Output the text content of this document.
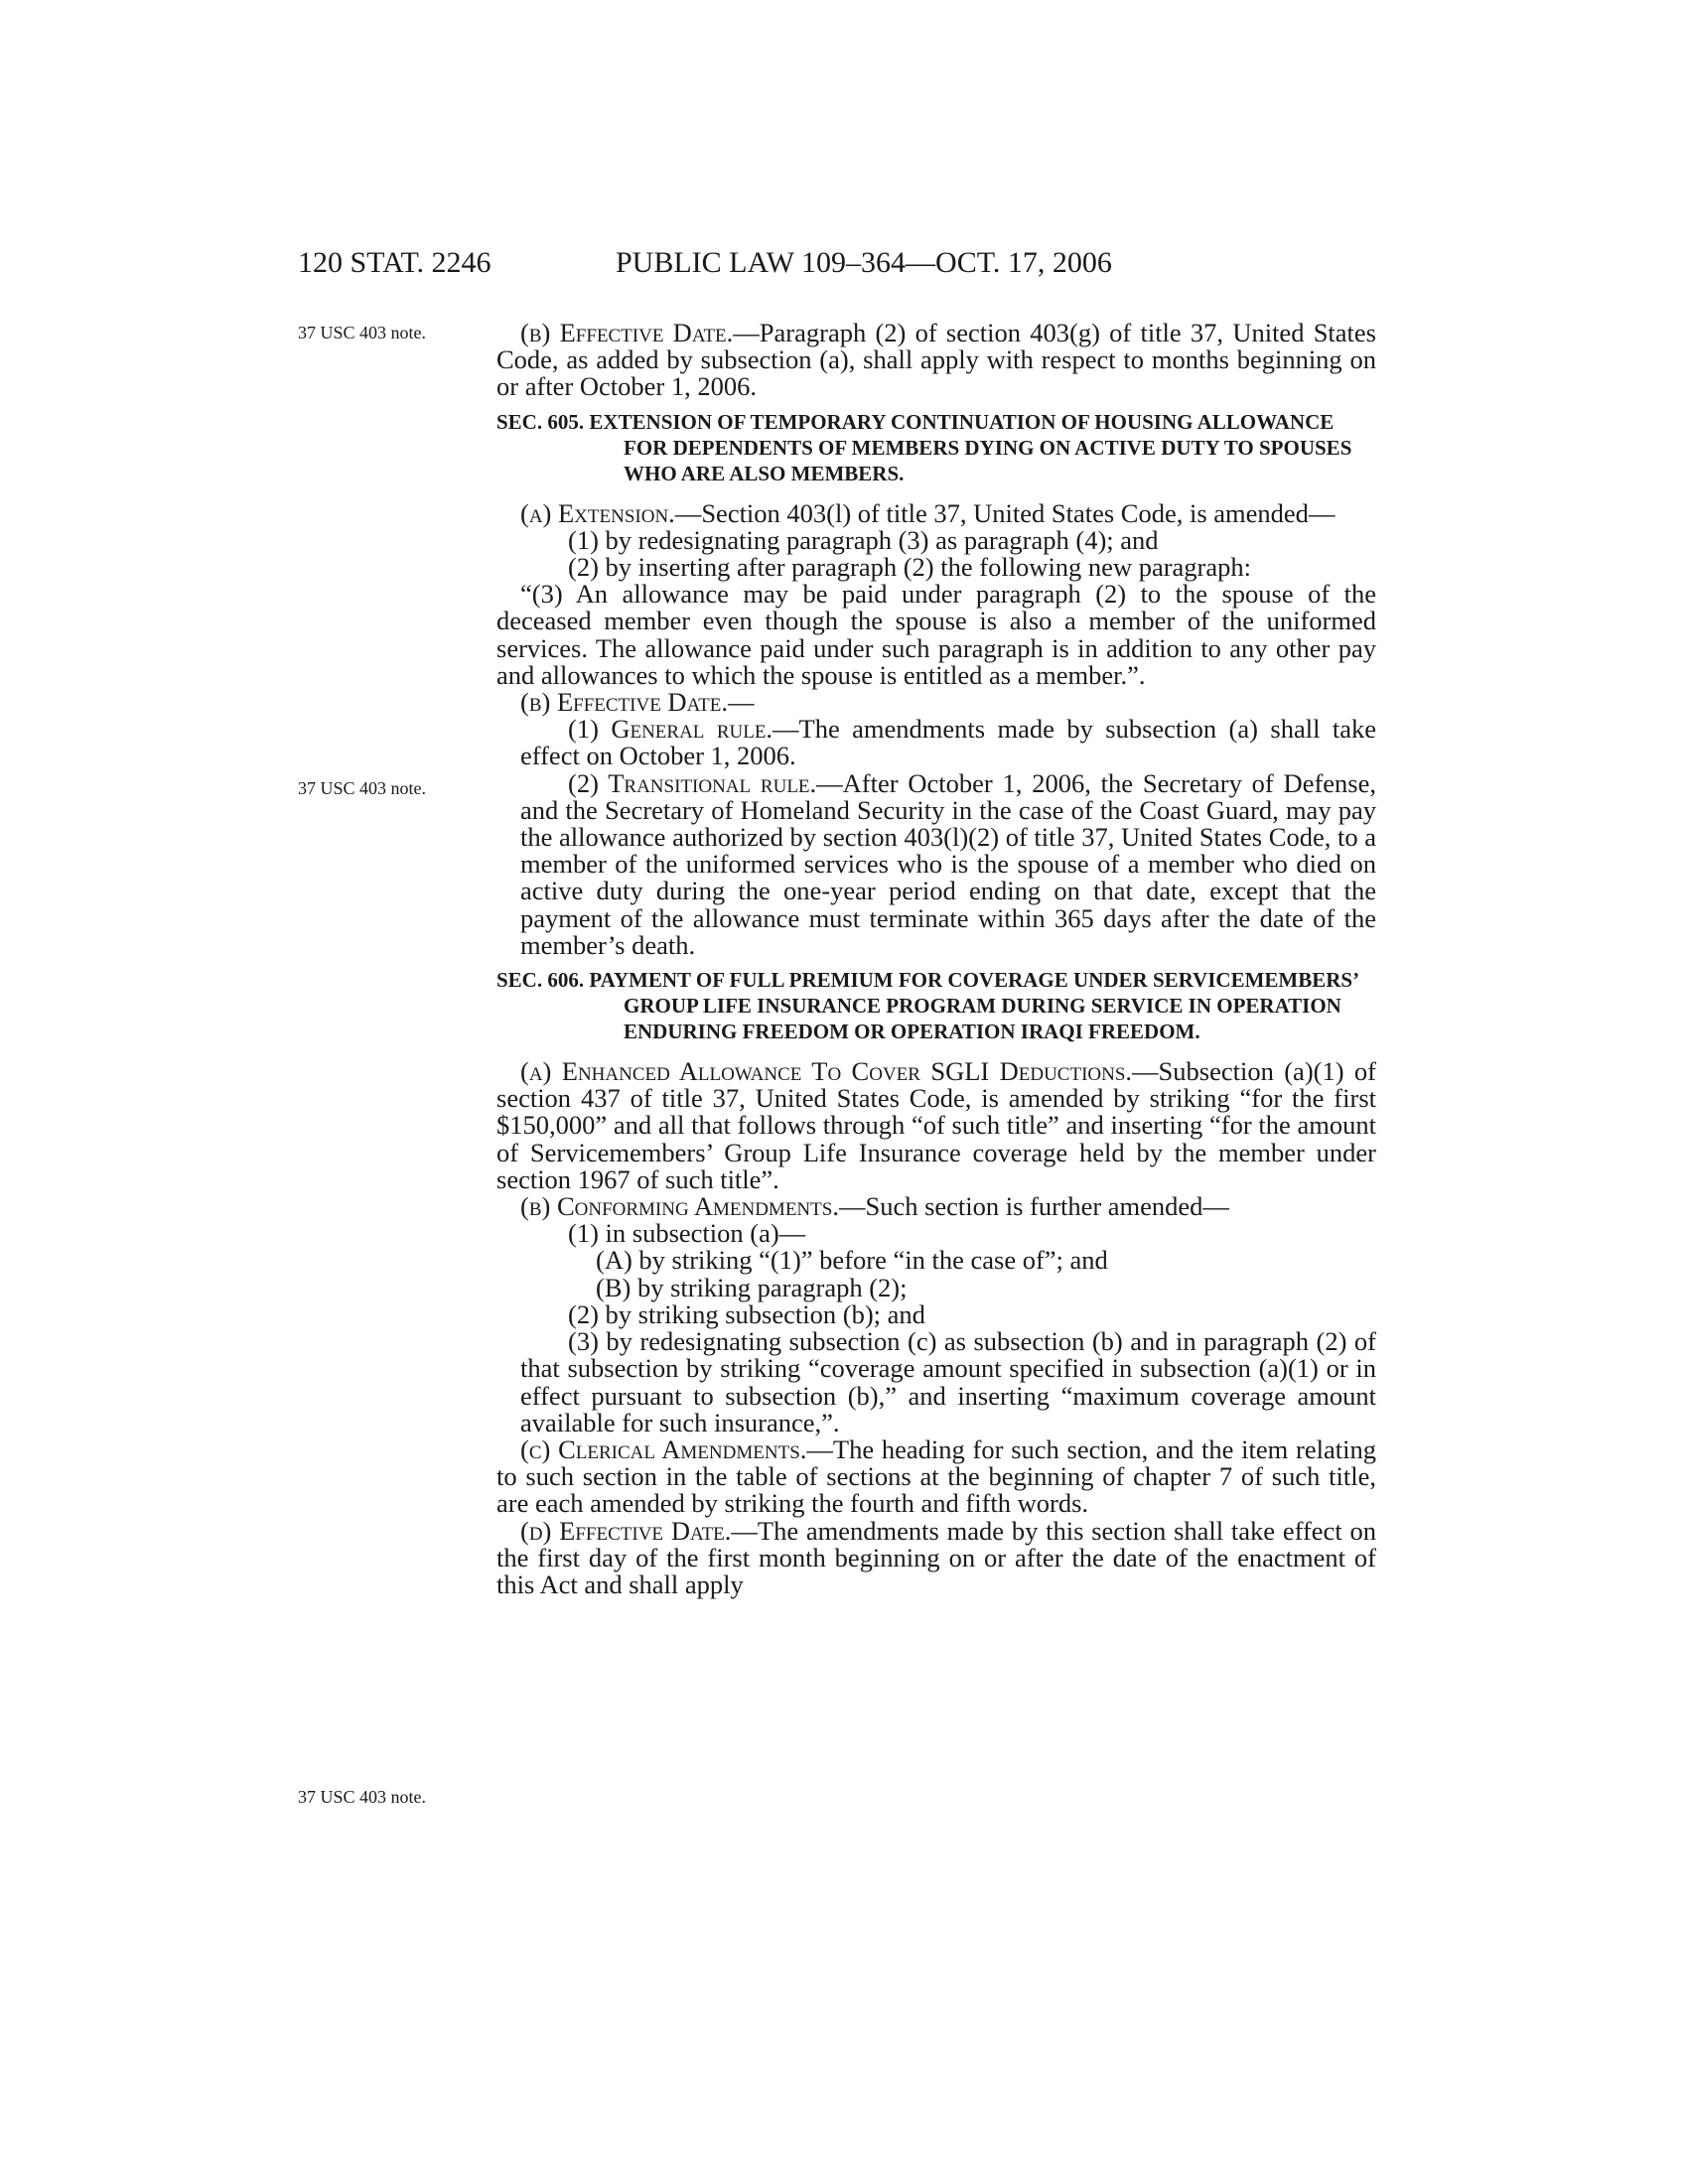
120 STAT. 2246	PUBLIC LAW 109–364—OCT. 17, 2006
37 USC 403 note.
37 USC 403 note.
37 USC 403 note.

(b) Effective Date.—Paragraph (2) of section 403(g) of title 37, United States Code, as added by subsection (a), shall apply with respect to months beginning on or after October 1, 2006.

SEC. 605. EXTENSION OF TEMPORARY CONTINUATION OF HOUSING ALLOWANCE FOR DEPENDENTS OF MEMBERS DYING ON ACTIVE DUTY TO SPOUSES WHO ARE ALSO MEMBERS.

(a) Extension.—Section 403(l) of title 37, United States Code, is amended—

(1) by redesignating paragraph (3) as paragraph (4); and

(2) by inserting after paragraph (2) the following new paragraph:

“(3) An allowance may be paid under paragraph (2) to the spouse of the deceased member even though the spouse is also a member of the uniformed services. The allowance paid under such paragraph is in addition to any other pay and allowances to which the spouse is entitled as a member.”.

(b) Effective Date.—

(1) General rule.—The amendments made by subsection (a) shall take effect on October 1, 2006.

(2) Transitional rule.—After October 1, 2006, the Secretary of Defense, and the Secretary of Homeland Security in the case of the Coast Guard, may pay the allowance authorized by section 403(l)(2) of title 37, United States Code, to a member of the uniformed services who is the spouse of a member who died on active duty during the one-year period ending on that date, except that the payment of the allowance must terminate within 365 days after the date of the member’s death.

SEC. 606. PAYMENT OF FULL PREMIUM FOR COVERAGE UNDER SERVICEMEMBERS’ GROUP LIFE INSURANCE PROGRAM DURING SERVICE IN OPERATION ENDURING FREEDOM OR OPERATION IRAQI FREEDOM.

(a) Enhanced Allowance To Cover SGLI Deductions.—Subsection (a)(1) of section 437 of title 37, United States Code, is amended by striking “for the first $150,000” and all that follows through “of such title” and inserting “for the amount of Servicemembers’ Group Life Insurance coverage held by the member under section 1967 of such title”.

(b) Conforming Amendments.—Such section is further amended—

(1) in subsection (a)—

(A) by striking “(1)” before “in the case of”; and

(B) by striking paragraph (2);

(2) by striking subsection (b); and

(3) by redesignating subsection (c) as subsection (b) and in paragraph (2) of that subsection by striking “coverage amount specified in subsection (a)(1) or in effect pursuant to subsection (b),” and inserting “maximum coverage amount available for such insurance,”.

(c) Clerical Amendments.—The heading for such section, and the item relating to such section in the table of sections at the beginning of chapter 7 of such title, are each amended by striking the fourth and fifth words.

(d) Effective Date.—The amendments made by this section shall take effect on the first day of the first month beginning on or after the date of the enactment of this Act and shall apply
